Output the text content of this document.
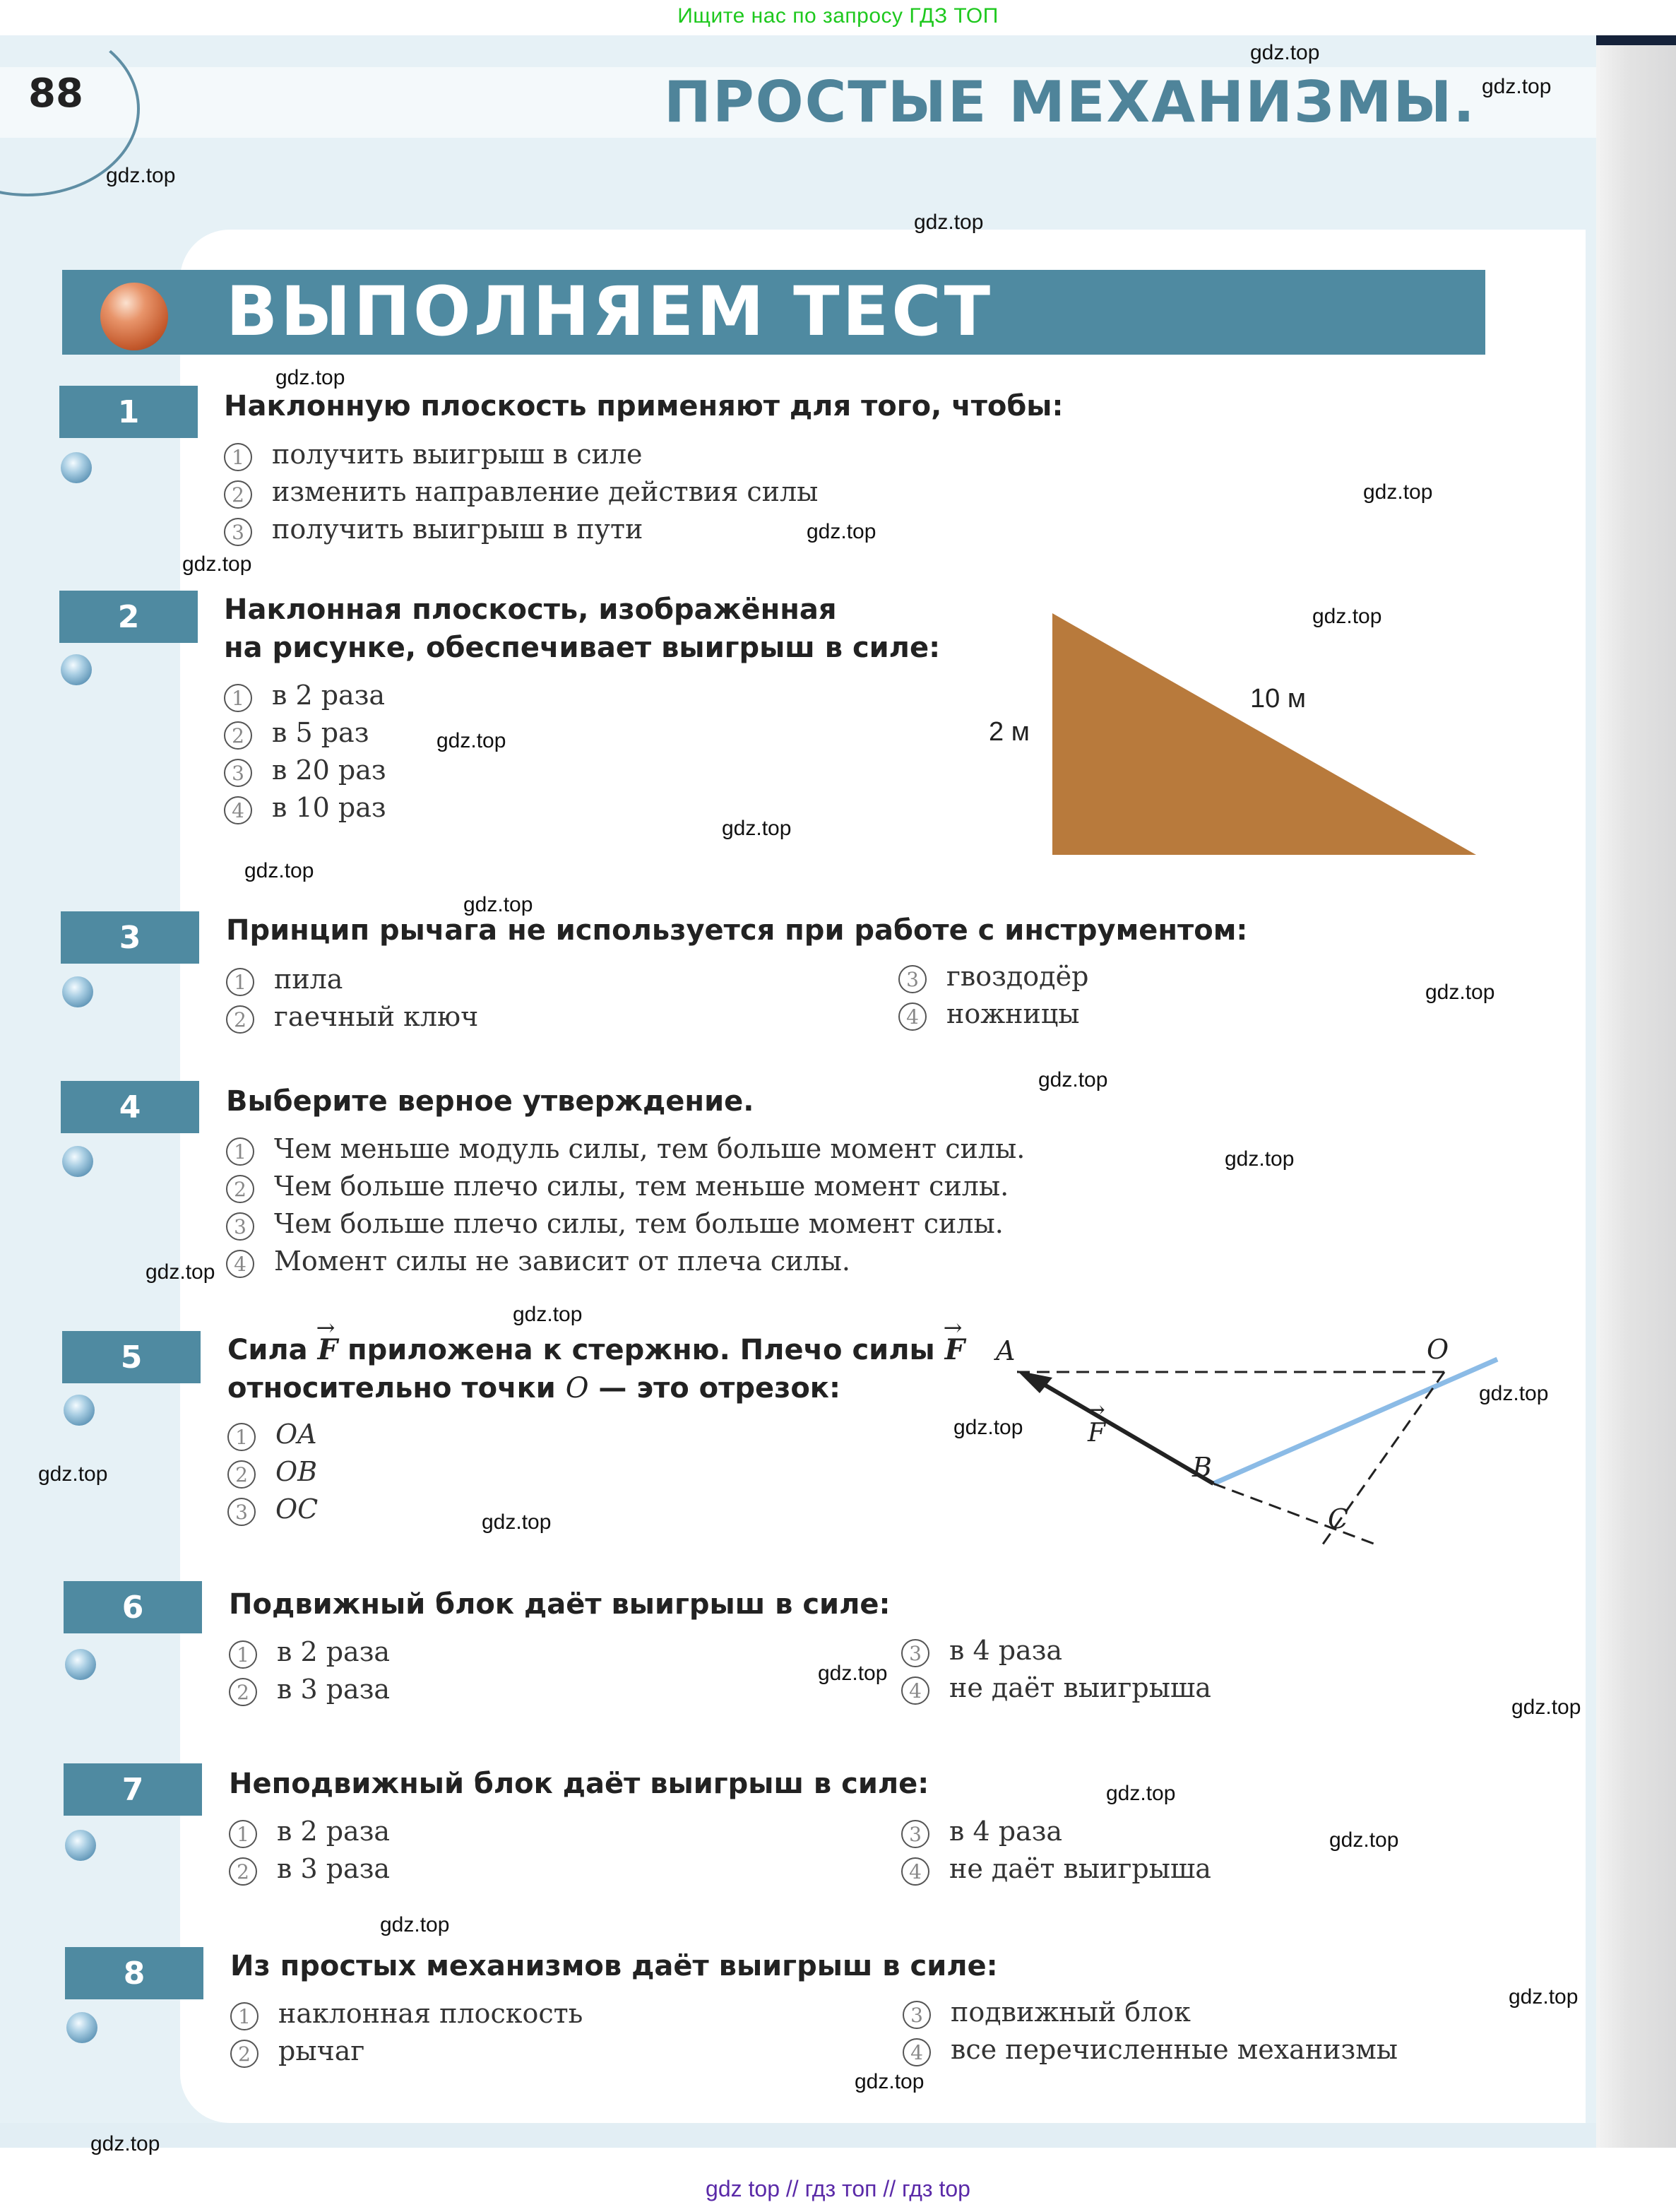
Ищите нас по запросу ГДЗ ТОП
88	ПРОСТЫЕ МЕХАНИЗМЫ.
ВЫПОЛНЯЕМ ТЕСТ
1	Наклонную плоскость применяют для того, чтобы:
1 получить выигрыш в силе
2 изменить направление действия силы
3 получить выигрыш в пути
2	Наклонная плоскость, изображённая
на рисунке, обеспечивает выигрыш в силе:
1 в 2 раза
2 в 5 раз
3 в 20 раз
4 в 10 раз
2 м
10 м
3	Принцип рычага не используется при работе с инструментом:
1 пила
2 гаечный ключ
3 гвоздодёр
4 ножницы
4	Выберите верное утверждение.
1 Чем меньше модуль силы, тем больше момент силы.
2 Чем больше плечо силы, тем меньше момент силы.
3 Чем больше плечо силы, тем больше момент силы.
4 Момент силы не зависит от плеча силы.
5	Сила → F приложена к стержню. Плечо силы → F
относительно точки O — это отрезок:
1 OA
2 OB
3 OC
A	O
B
C
→ F
6	Подвижный блок даёт выигрыш в силе:
1 в 2 раза
2 в 3 раза
3 в 4 раза
4 не даёт выигрыша
7	Неподвижный блок даёт выигрыш в силе:
1 в 2 раза
2 в 3 раза
3 в 4 раза
4 не даёт выигрыша
8	Из простых механизмов даёт выигрыш в силе:
1 наклонная плоскость
2 рычаг
3 подвижный блок
4 все перечисленные механизмы
gdz.top
gdz.top
gdz.top
gdz.top
gdz.top
gdz.top
gdz.top
gdz.top
gdz.top
gdz.top
gdz.top
gdz.top
gdz.top
gdz.top
gdz.top
gdz.top
gdz.top
gdz.top
gdz.top
gdz.top
gdz.top
gdz.top
gdz.top
gdz.top
gdz.top
gdz.top
gdz.top
gdz.top
gdz.top
gdz.top
gdz top // гдз топ // гдз top
